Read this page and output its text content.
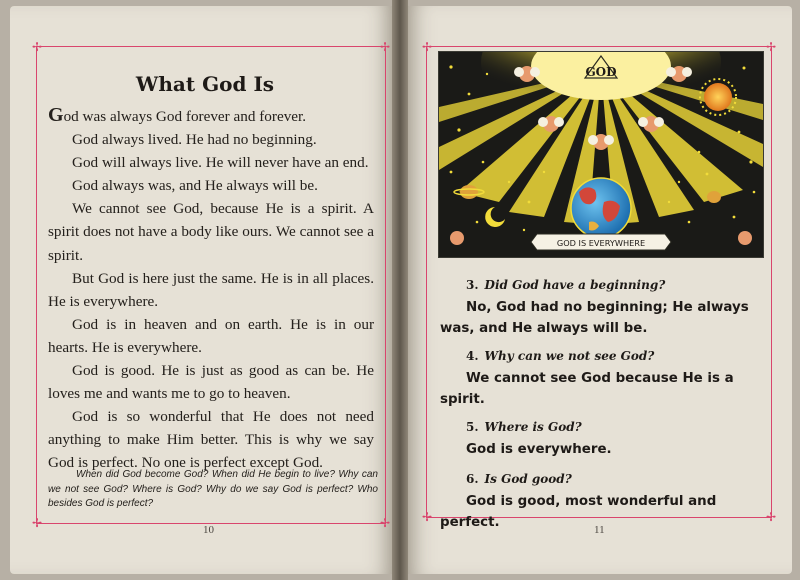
✢	✢
✢	✢
✢	✢
✢	✢
What God Is

God was always God forever and forever.

God always lived. He had no beginning.

God will always live. He will never have an end.

God always was, and He always will be.

We cannot see God, because He is a spirit. A spirit does not have a body like ours. We cannot see a spirit.

But God is here just the same. He is in all places. He is everywhere.

God is in heaven and on earth. He is in our hearts. He is everywhere.

God is good. He is just as good as can be. He loves me and wants me to go to heaven.

God is so wonderful that He does not need anything to make Him better. This is why we say God is perfect. No one is perfect except God.

When did God become God? When did He begin to live? Why can we not see God? Where is God? Why do we say God is perfect? Who besides God is perfect?
10
GOD
GOD IS EVERYWHERE
3. Did God have a beginning?
No, God had no beginning; He always was, and He always will be.
4. Why can we not see God?
We cannot see God because He is a spirit.
5. Where is God?
God is everywhere.
6. Is God good?
God is good, most wonderful and perfect.	11
